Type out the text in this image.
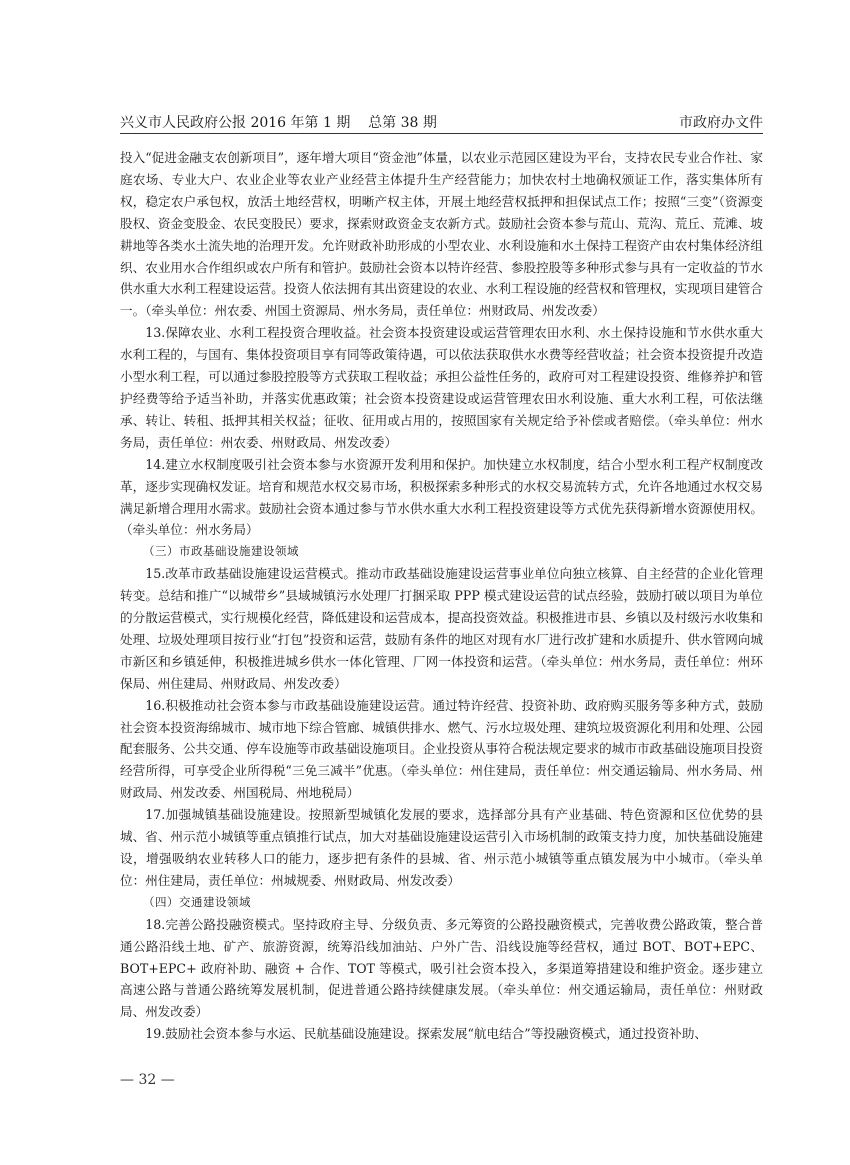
兴义市人民政府公报 2016 年第 1 期    总第 38 期	市政府办文件

投入“促进金融支农创新项目”，逐年增大项目“资金池”体量，以农业示范园区建设为平台，支持农民专业合作社、家庭农场、专业大户、农业企业等农业产业经营主体提升生产经营能力；加快农村土地确权颁证工作，落实集体所有权，稳定农户承包权，放活土地经营权，明晰产权主体，开展土地经营权抵押和担保试点工作；按照“三变”（资源变股权、资金变股金、农民变股民）要求，探索财政资金支农新方式。鼓励社会资本参与荒山、荒沟、荒丘、荒滩、坡耕地等各类水土流失地的治理开发。允许财政补助形成的小型农业、水利设施和水土保持工程资产由农村集体经济组织、农业用水合作组织或农户所有和管护。鼓励社会资本以特许经营、参股控股等多种形式参与具有一定收益的节水供水重大水利工程建设运营。投资人依法拥有其出资建设的农业、水利工程设施的经营权和管理权，实现项目建管合一。（牵头单位：州农委、州国土资源局、州水务局，责任单位：州财政局、州发改委）

13.保障农业、水利工程投资合理收益。社会资本投资建设或运营管理农田水利、水土保持设施和节水供水重大水利工程的，与国有、集体投资项目享有同等政策待遇，可以依法获取供水水费等经营收益；社会资本投资提升改造小型水利工程，可以通过参股控股等方式获取工程收益；承担公益性任务的，政府可对工程建设投资、维修养护和管护经费等给予适当补助，并落实优惠政策；社会资本投资建设或运营管理农田水利设施、重大水利工程，可依法继承、转让、转租、抵押其相关权益；征收、征用或占用的，按照国家有关规定给予补偿或者赔偿。（牵头单位：州水务局，责任单位：州农委、州财政局、州发改委）

14.建立水权制度吸引社会资本参与水资源开发利用和保护。加快建立水权制度，结合小型水利工程产权制度改革，逐步实现确权发证。培育和规范水权交易市场，积极探索多种形式的水权交易流转方式，允许各地通过水权交易满足新增合理用水需求。鼓励社会资本通过参与节水供水重大水利工程投资建设等方式优先获得新增水资源使用权。（牵头单位：州水务局）

（三）市政基础设施建设领域

15.改革市政基础设施建设运营模式。推动市政基础设施建设运营事业单位向独立核算、自主经营的企业化管理转变。总结和推广“以城带乡”县域城镇污水处理厂打捆采取 PPP 模式建设运营的试点经验，鼓励打破以项目为单位的分散运营模式，实行规模化经营，降低建设和运营成本，提高投资效益。积极推进市县、乡镇以及村级污水收集和处理、垃圾处理项目按行业“打包”投资和运营，鼓励有条件的地区对现有水厂进行改扩建和水质提升、供水管网向城市新区和乡镇延伸，积极推进城乡供水一体化管理、厂网一体投资和运营。（牵头单位：州水务局，责任单位：州环保局、州住建局、州财政局、州发改委）

16.积极推动社会资本参与市政基础设施建设运营。通过特许经营、投资补助、政府购买服务等多种方式，鼓励社会资本投资海绵城市、城市地下综合管廊、城镇供排水、燃气、污水垃圾处理、建筑垃圾资源化利用和处理、公园配套服务、公共交通、停车设施等市政基础设施项目。企业投资从事符合税法规定要求的城市市政基础设施项目投资经营所得，可享受企业所得税“三免三减半”优惠。（牵头单位：州住建局，责任单位：州交通运输局、州水务局、州财政局、州发改委、州国税局、州地税局）

17.加强城镇基础设施建设。按照新型城镇化发展的要求，选择部分具有产业基础、特色资源和区位优势的县城、省、州示范小城镇等重点镇推行试点，加大对基础设施建设运营引入市场机制的政策支持力度，加快基础设施建设，增强吸纳农业转移人口的能力，逐步把有条件的县城、省、州示范小城镇等重点镇发展为中小城市。（牵头单位：州住建局，责任单位：州城规委、州财政局、州发改委）

（四）交通建设领域

18.完善公路投融资模式。坚持政府主导、分级负责、多元筹资的公路投融资模式，完善收费公路政策，整合普通公路沿线土地、矿产、旅游资源，统筹沿线加油站、户外广告、沿线设施等经营权，通过 BOT、BOT+EPC、BOT+EPC+ 政府补助、融资 + 合作、TOT 等模式，吸引社会资本投入，多渠道筹措建设和维护资金。逐步建立高速公路与普通公路统筹发展机制，促进普通公路持续健康发展。（牵头单位：州交通运输局，责任单位：州财政局、州发改委）

19.鼓励社会资本参与水运、民航基础设施建设。探索发展“航电结合”等投融资模式，通过投资补助、

— 32 —
